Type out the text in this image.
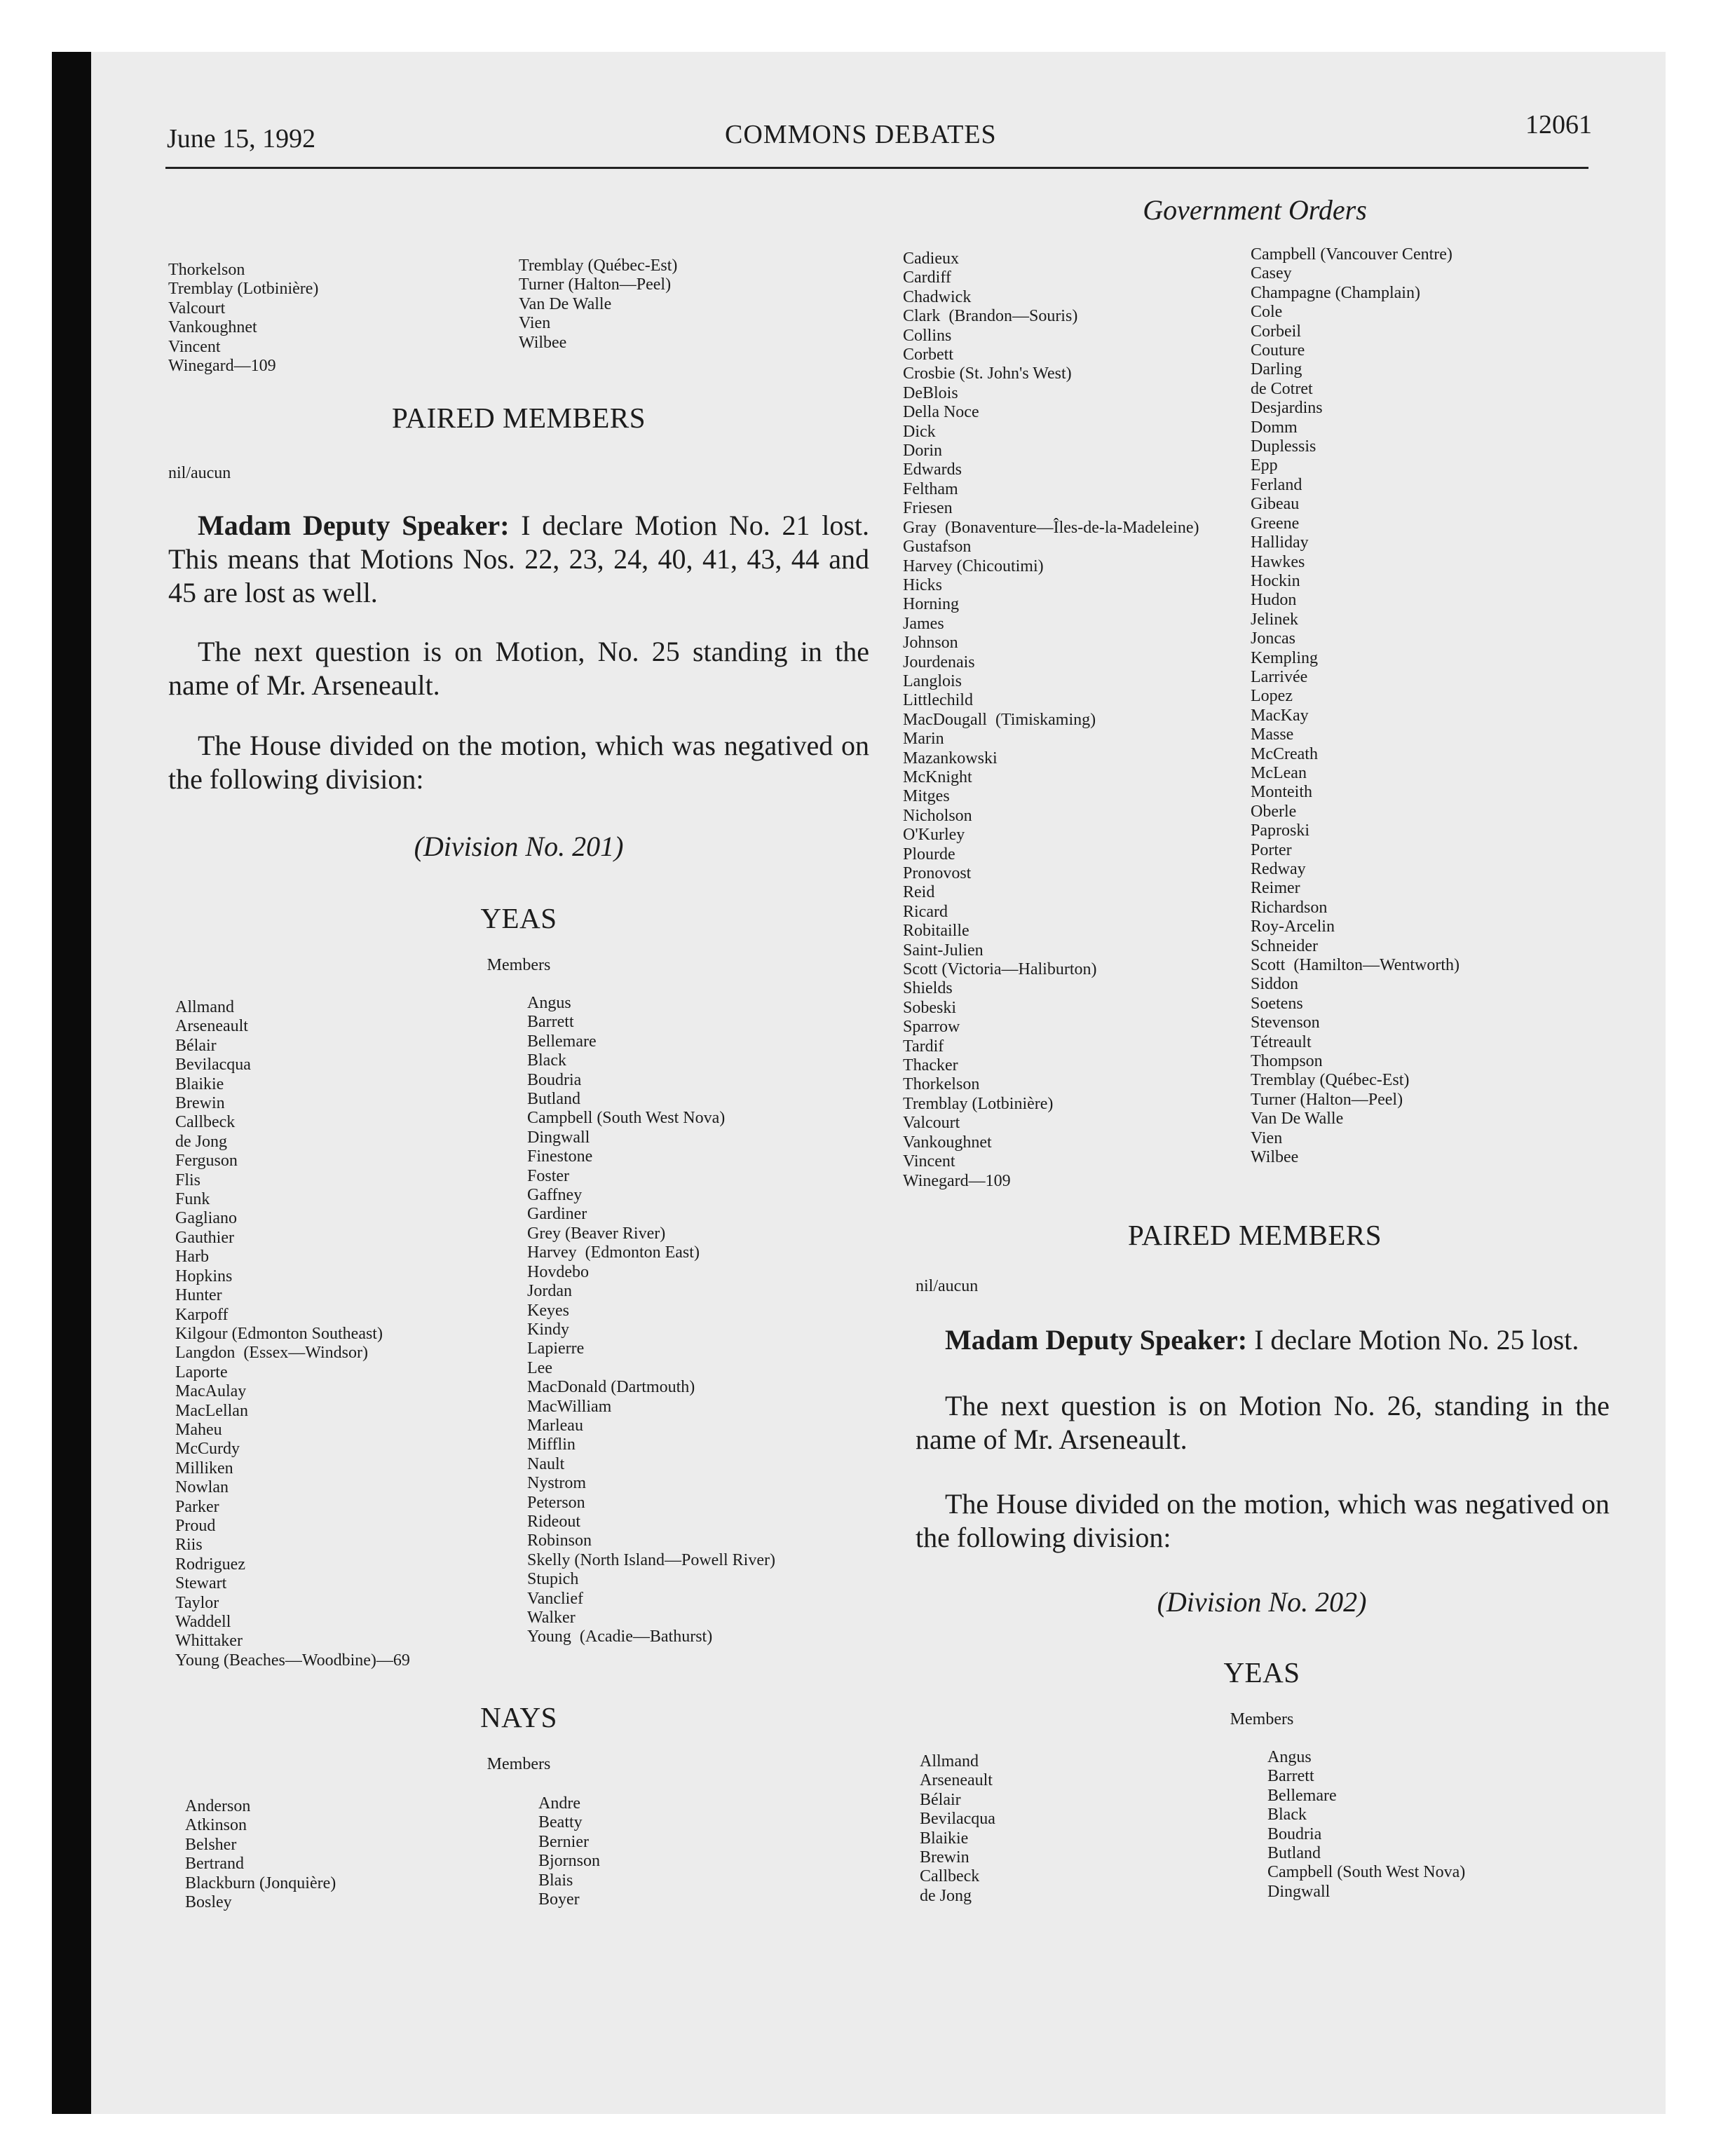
June 15, 1992	COMMONS DEBATES	12061
Thorkelson
Tremblay (Lotbinière)
Valcourt
Vankoughnet
Vincent
Winegard—109
Tremblay (Québec-Est)
Turner (Halton—Peel)
Van De Walle
Vien
Wilbee
PAIRED MEMBERS
nil/aucun
Madam Deputy Speaker: I declare Motion No. 21 lost. This means that Motions Nos. 22, 23, 24, 40, 41, 43, 44 and 45 are lost as well.
The next question is on Motion, No. 25 standing in the name of Mr. Arseneault.
The House divided on the motion, which was negatived on the following division:
(Division No. 201)
YEAS
Members
Allmand
Arseneault
Bélair
Bevilacqua
Blaikie
Brewin
Callbeck
de Jong
Ferguson
Flis
Funk
Gagliano
Gauthier
Harb
Hopkins
Hunter
Karpoff
Kilgour (Edmonton Southeast)
Langdon  (Essex—Windsor)
Laporte
MacAulay
MacLellan
Maheu
McCurdy
Milliken
Nowlan
Parker
Proud
Riis
Rodriguez
Stewart
Taylor
Waddell
Whittaker
Young (Beaches—Woodbine)—69
Angus
Barrett
Bellemare
Black
Boudria
Butland
Campbell (South West Nova)
Dingwall
Finestone
Foster
Gaffney
Gardiner
Grey (Beaver River)
Harvey  (Edmonton East)
Hovdebo
Jordan
Keyes
Kindy
Lapierre
Lee
MacDonald (Dartmouth)
MacWilliam
Marleau
Mifflin
Nault
Nystrom
Peterson
Rideout
Robinson
Skelly (North Island—Powell River)
Stupich
Vanclief
Walker
Young  (Acadie—Bathurst)
NAYS
Members
Anderson
Atkinson
Belsher
Bertrand
Blackburn (Jonquière)
Bosley
Andre
Beatty
Bernier
Bjornson
Blais
Boyer
Government Orders
Cadieux
Cardiff
Chadwick
Clark  (Brandon—Souris)
Collins
Corbett
Crosbie (St. John's West)
DeBlois
Della Noce
Dick
Dorin
Edwards
Feltham
Friesen
Gray  (Bonaventure—Îles-de-la-Madeleine)
Gustafson
Harvey (Chicoutimi)
Hicks
Horning
James
Johnson
Jourdenais
Langlois
Littlechild
MacDougall  (Timiskaming)
Marin
Mazankowski
McKnight
Mitges
Nicholson
O'Kurley
Plourde
Pronovost
Reid
Ricard
Robitaille
Saint-Julien
Scott (Victoria—Haliburton)
Shields
Sobeski
Sparrow
Tardif
Thacker
Thorkelson
Tremblay (Lotbinière)
Valcourt
Vankoughnet
Vincent
Winegard—109
Campbell (Vancouver Centre)
Casey
Champagne (Champlain)
Cole
Corbeil
Couture
Darling
de Cotret
Desjardins
Domm
Duplessis
Epp
Ferland
Gibeau
Greene
Halliday
Hawkes
Hockin
Hudon
Jelinek
Joncas
Kempling
Larrivée
Lopez
MacKay
Masse
McCreath
McLean
Monteith
Oberle
Paproski
Porter
Redway
Reimer
Richardson
Roy-Arcelin
Schneider
Scott  (Hamilton—Wentworth)
Siddon
Soetens
Stevenson
Tétreault
Thompson
Tremblay (Québec-Est)
Turner (Halton—Peel)
Van De Walle
Vien
Wilbee
PAIRED MEMBERS
nil/aucun
Madam Deputy Speaker: I declare Motion No. 25 lost.
The next question is on Motion No. 26, standing in the name of Mr. Arseneault.
The House divided on the motion, which was negatived on the following division:
(Division No. 202)
YEAS
Members
Allmand
Arseneault
Bélair
Bevilacqua
Blaikie
Brewin
Callbeck
de Jong
Angus
Barrett
Bellemare
Black
Boudria
Butland
Campbell (South West Nova)
Dingwall
